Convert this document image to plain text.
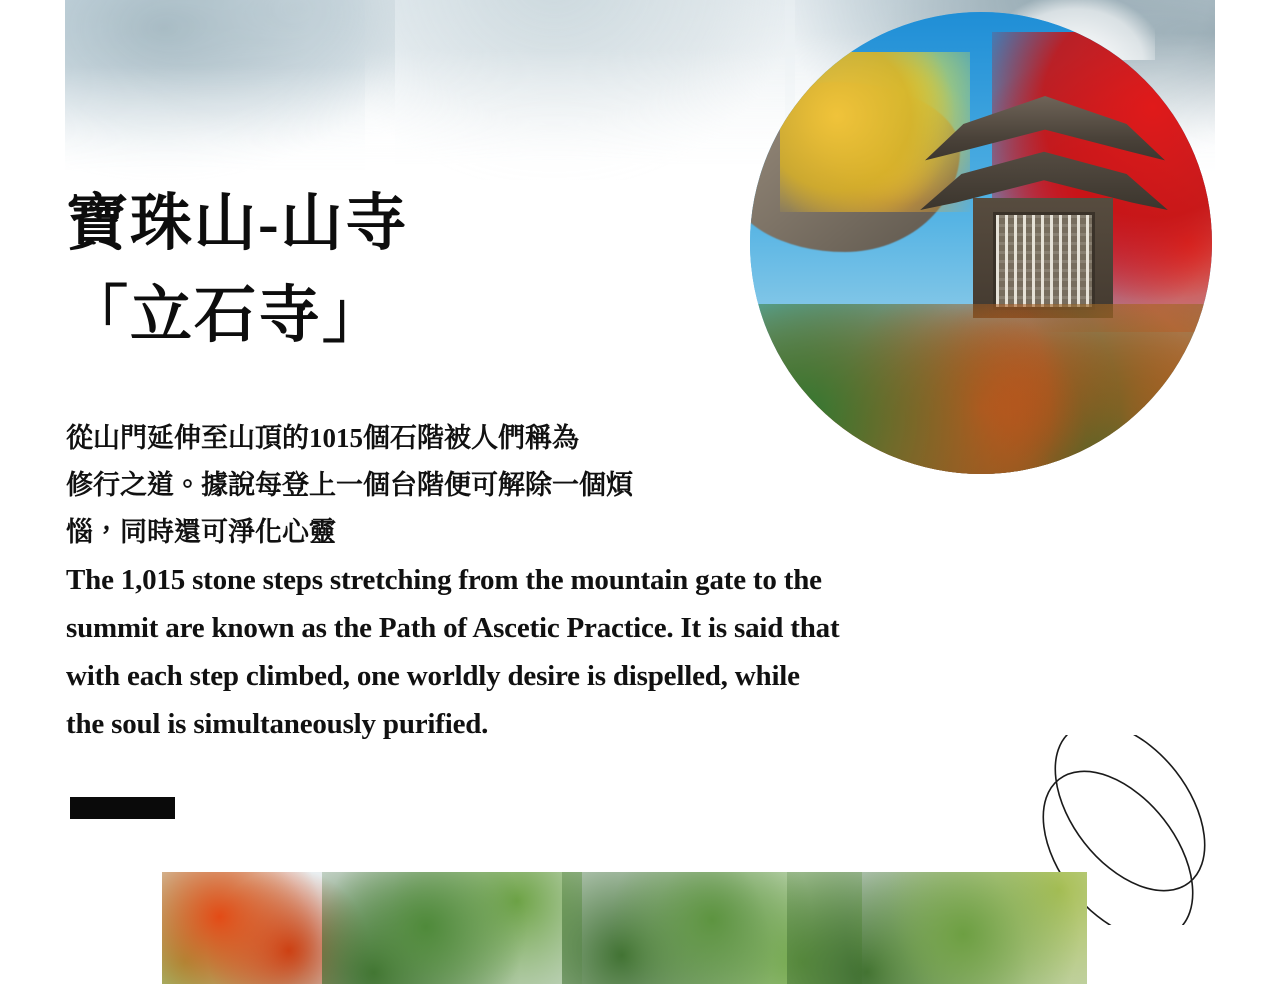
寶珠山-山寺
「立石寺」

從山門延伸至山頂的1015個石階被人們稱為

修行之道。據說每登上一個台階便可解除一個煩

惱，同時還可淨化心靈

The 1,015 stone steps stretching from the mountain gate to the

summit are known as the Path of Ascetic Practice. It is said that

with each step climbed, one worldly desire is dispelled, while

the soul is simultaneously purified.
